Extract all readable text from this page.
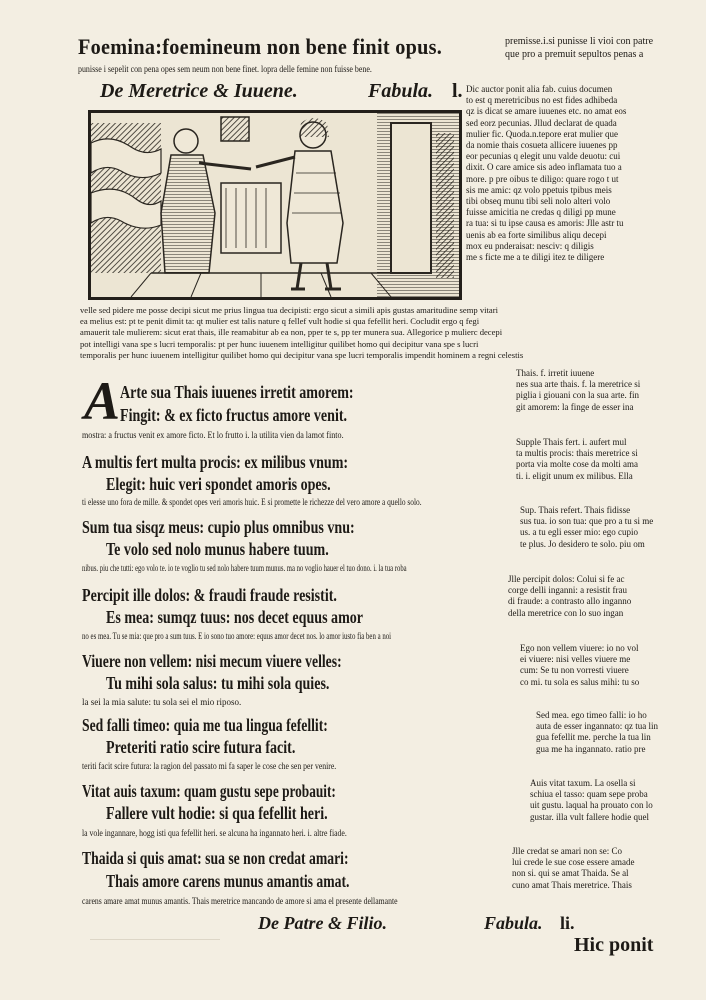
Foemina:foemineum non bene finit opus.
punisse i sepelit con pena opes sem neum non bene finet. lopra delle femine non fuisse bene.
premisse.i.si punisse li vioi con patre
que pro a premuit sepultos penas a
De Meretrice & Iuuene.	Fabula. l. Dic auctor ponit alia fab. cuius documen
to est q meretricibus no est fides adhibeda
qz is dicat se amare iuuenes etc. no amat eos
sed eorz pecunias. Jllud declarat de quada
mulier fic. Quoda.n.tepore erat mulier que
da nomie thais cosueta allicere iuuenes pp
eor pecunias q elegit unu valde deuotu: cui
dixit. O care amice sis adeo inflamata tuo a
more. p pre oibus te diligo: quare rogo t ut
sis me amic: qz volo ppetuis tpibus meis
tibi obseq munu tibi seli nolo alteri volo
fuisse amicitia ne credas q diligi pp mune
ra tua: si tu ipse causa es amoris: Jlle astr tu
uenis ab ea forte similibus aliqu decepi
mox eu pnderaisat: nesciv: q diligis
me s ficte me a te diligi itez te diligere
velle sed pidere me posse decipi sicut me prius lingua tua decipisti: ergo sicut a simili apis gustas amaritudine semp vitari
ea melius est: pt te penit dimit ta: qt mulier est talis nature q fellef vult hodie si qua fefellit heri. Cocludit ergo q fegi
amauerit tale mulierem: sicut erat thais, ille reamabitur ab ea non, pper te s, pp ter munera sua. Allegorice p mulierc decepi
pot intelligi vana spe s lucri temporalis: pt per hunc iuuenem intelligitur quilibet homo qui decipitur vana spe s lucri
temporalis per hunc iuuenem intelligitur quilibet homo qui decipitur vana spe lucri temporalis impendit hominem a regni celestis
A Arte sua Thais iuuenes irretit amorem:
Fingit: & ex ficto fructus amore venit.
mostra: a fructus venit ex amore ficto. Et lo frutto i. la utilita vien da lamot finto.
A multis fert multa procis: ex milibus vnum:
Elegit: huic veri spondet amoris opes.
ti elesse uno fora de mille. & spondet opes veri amoris huic. E si promette le richezze del vero amore a quello solo.
Sum tua sisqz meus: cupio plus omnibus vnu:
Te volo sed nolo munus habere tuum.
nibus. piu che tutti: ego volo te. io te voglio tu sed nolo habere tuum munus. ma no voglio hauer el tuo dono. i. la tua roba
Percipit ille dolos: & fraudi fraude resistit.
Es mea: sumqz tuus: nos decet equus amor
no es mea. Tu se mia: que pro a sum tuus. E io sono tuo amore: equus amor decet nos. lo amor iusto fia ben a noi
Viuere non vellem: nisi mecum viuere velles:
Tu mihi sola salus: tu mihi sola quies.
la sei la mia salute: tu sola sei el mio riposo.
Sed falli timeo: quia me tua lingua fefellit:
Preteriti ratio scire futura facit.
teriti facit scire futura: la ragion del passato mi fa saper le cose che sen per venire.
Vitat auis taxum: quam gustu sepe probauit:
Fallere vult hodie: si qua fefellit heri.
la vole ingannare, hogg isti qua fefellit heri. se alcuna ha ingannato heri. i. altre fiade.
Thaida si quis amat: sua se non credat amari:
Thais amore carens munus amantis amat.
carens amare amat munus amantis. Thais meretrice mancando de amore si ama el presente dellamante
Thais. f. irretit iuuene
nes sua arte thais. f. la meretrice si
piglia i giouani con la sua arte. fin
git amorem: la finge de esser ina
Supple Thais fert. i. aufert mul
ta multis procis: thais meretrice si
porta via molte cose da molti ama
ti. i. eligit unum ex milibus. Ella
Sup. Thais refert. Thais fidisse
sus tua. io son tua: que pro a tu si me
us. a tu egli esser mio: ego cupio
te plus. Jo desidero te solo. piu om
Jlle percipit dolos: Colui si fe ac
corge delli inganni: a resistit frau
di fraude: a contrasto allo inganno
della meretrice con lo suo ingan
Ego non vellem viuere: io no vol
ei viuere: nisi velles viuere me
cum: Se tu non vorresti viuere
co mi. tu sola es salus mihi: tu so
Sed mea. ego timeo falli: io ho
auta de esser ingannato: qz tua lin
gua fefellit me. perche la tua lin
gua me ha ingannato. ratio pre
Auis vitat taxum. La osella si
schiua el tasso: quam sepe proba
uit gustu. laqual ha prouato con lo
gustar. illa vult fallere hodie quel
Jlle credat se amari non se: Co
lui crede le sue cose essere amade
non si. qui se amat Thaida. Se al
cuno amat Thais meretrice. Thais
De Patre & Filio.	Fabula. li.
Hic ponit
